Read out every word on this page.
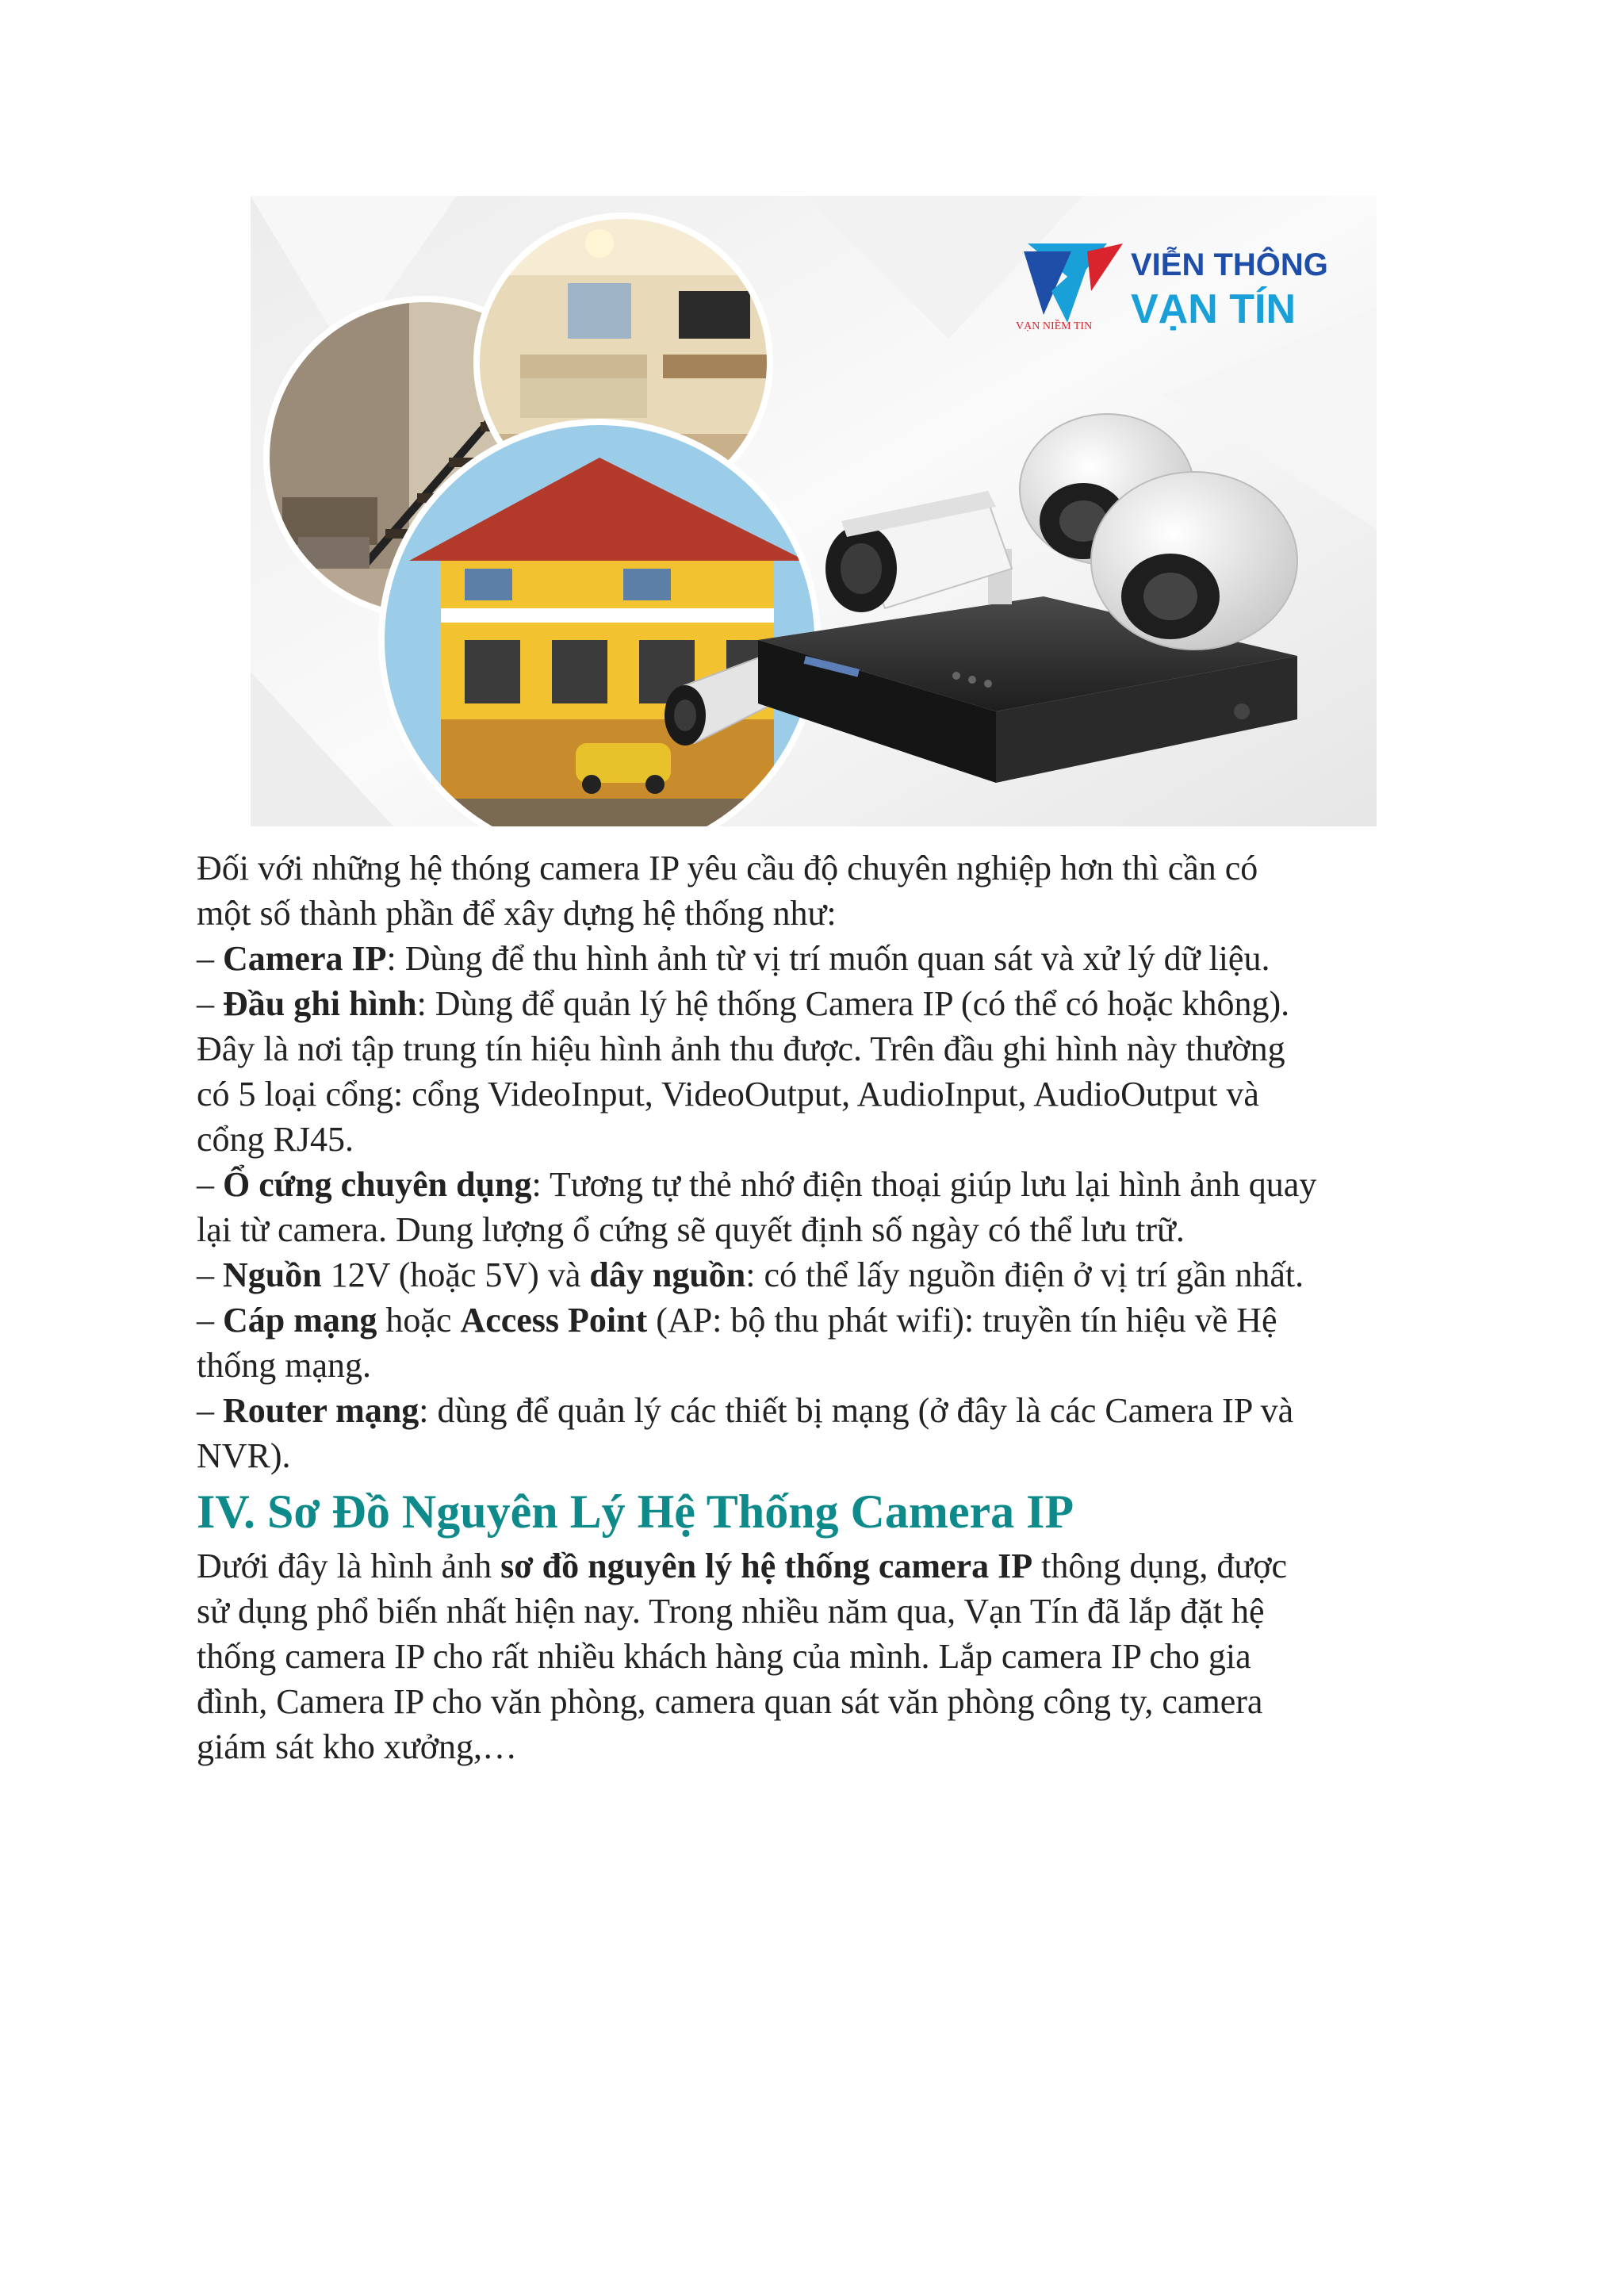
VIỄN THÔNG
VẠN TÍN
VẠN NIỀM TIN

Đối với những hệ thóng camera IP yêu cầu độ chuyên nghiệp hơn thì cần có
một số thành phần để xây dựng hệ thống như:

– Camera IP: Dùng để thu hình ảnh từ vị trí muốn quan sát và xử lý dữ liệu.

– Đầu ghi hình: Dùng để quản lý hệ thống Camera IP (có thể có hoặc không).
Đây là nơi tập trung tín hiệu hình ảnh thu được. Trên đầu ghi hình này thường
có 5 loại cổng: cổng VideoInput, VideoOutput, AudioInput, AudioOutput và
cổng RJ45.

– Ổ cứng chuyên dụng: Tương tự thẻ nhớ điện thoại giúp lưu lại hình ảnh quay
lại từ camera. Dung lượng ổ cứng sẽ quyết định số ngày có thể lưu trữ.

– Nguồn 12V (hoặc 5V) và dây nguồn: có thể lấy nguồn điện ở vị trí gần nhất.

– Cáp mạng hoặc Access Point (AP: bộ thu phát wifi): truyền tín hiệu về Hệ
thống mạng.

– Router mạng: dùng để quản lý các thiết bị mạng (ở đây là các Camera IP và
NVR).

IV. Sơ Đồ Nguyên Lý Hệ Thống Camera IP

Dưới đây là hình ảnh sơ đồ nguyên lý hệ thống camera IP thông dụng, được
sử dụng phổ biến nhất hiện nay. Trong nhiều năm qua, Vạn Tín đã lắp đặt hệ
thống camera IP cho rất nhiều khách hàng của mình. Lắp camera IP cho gia
đình, Camera IP cho văn phòng, camera quan sát văn phòng công ty, camera
giám sát kho xưởng,…
